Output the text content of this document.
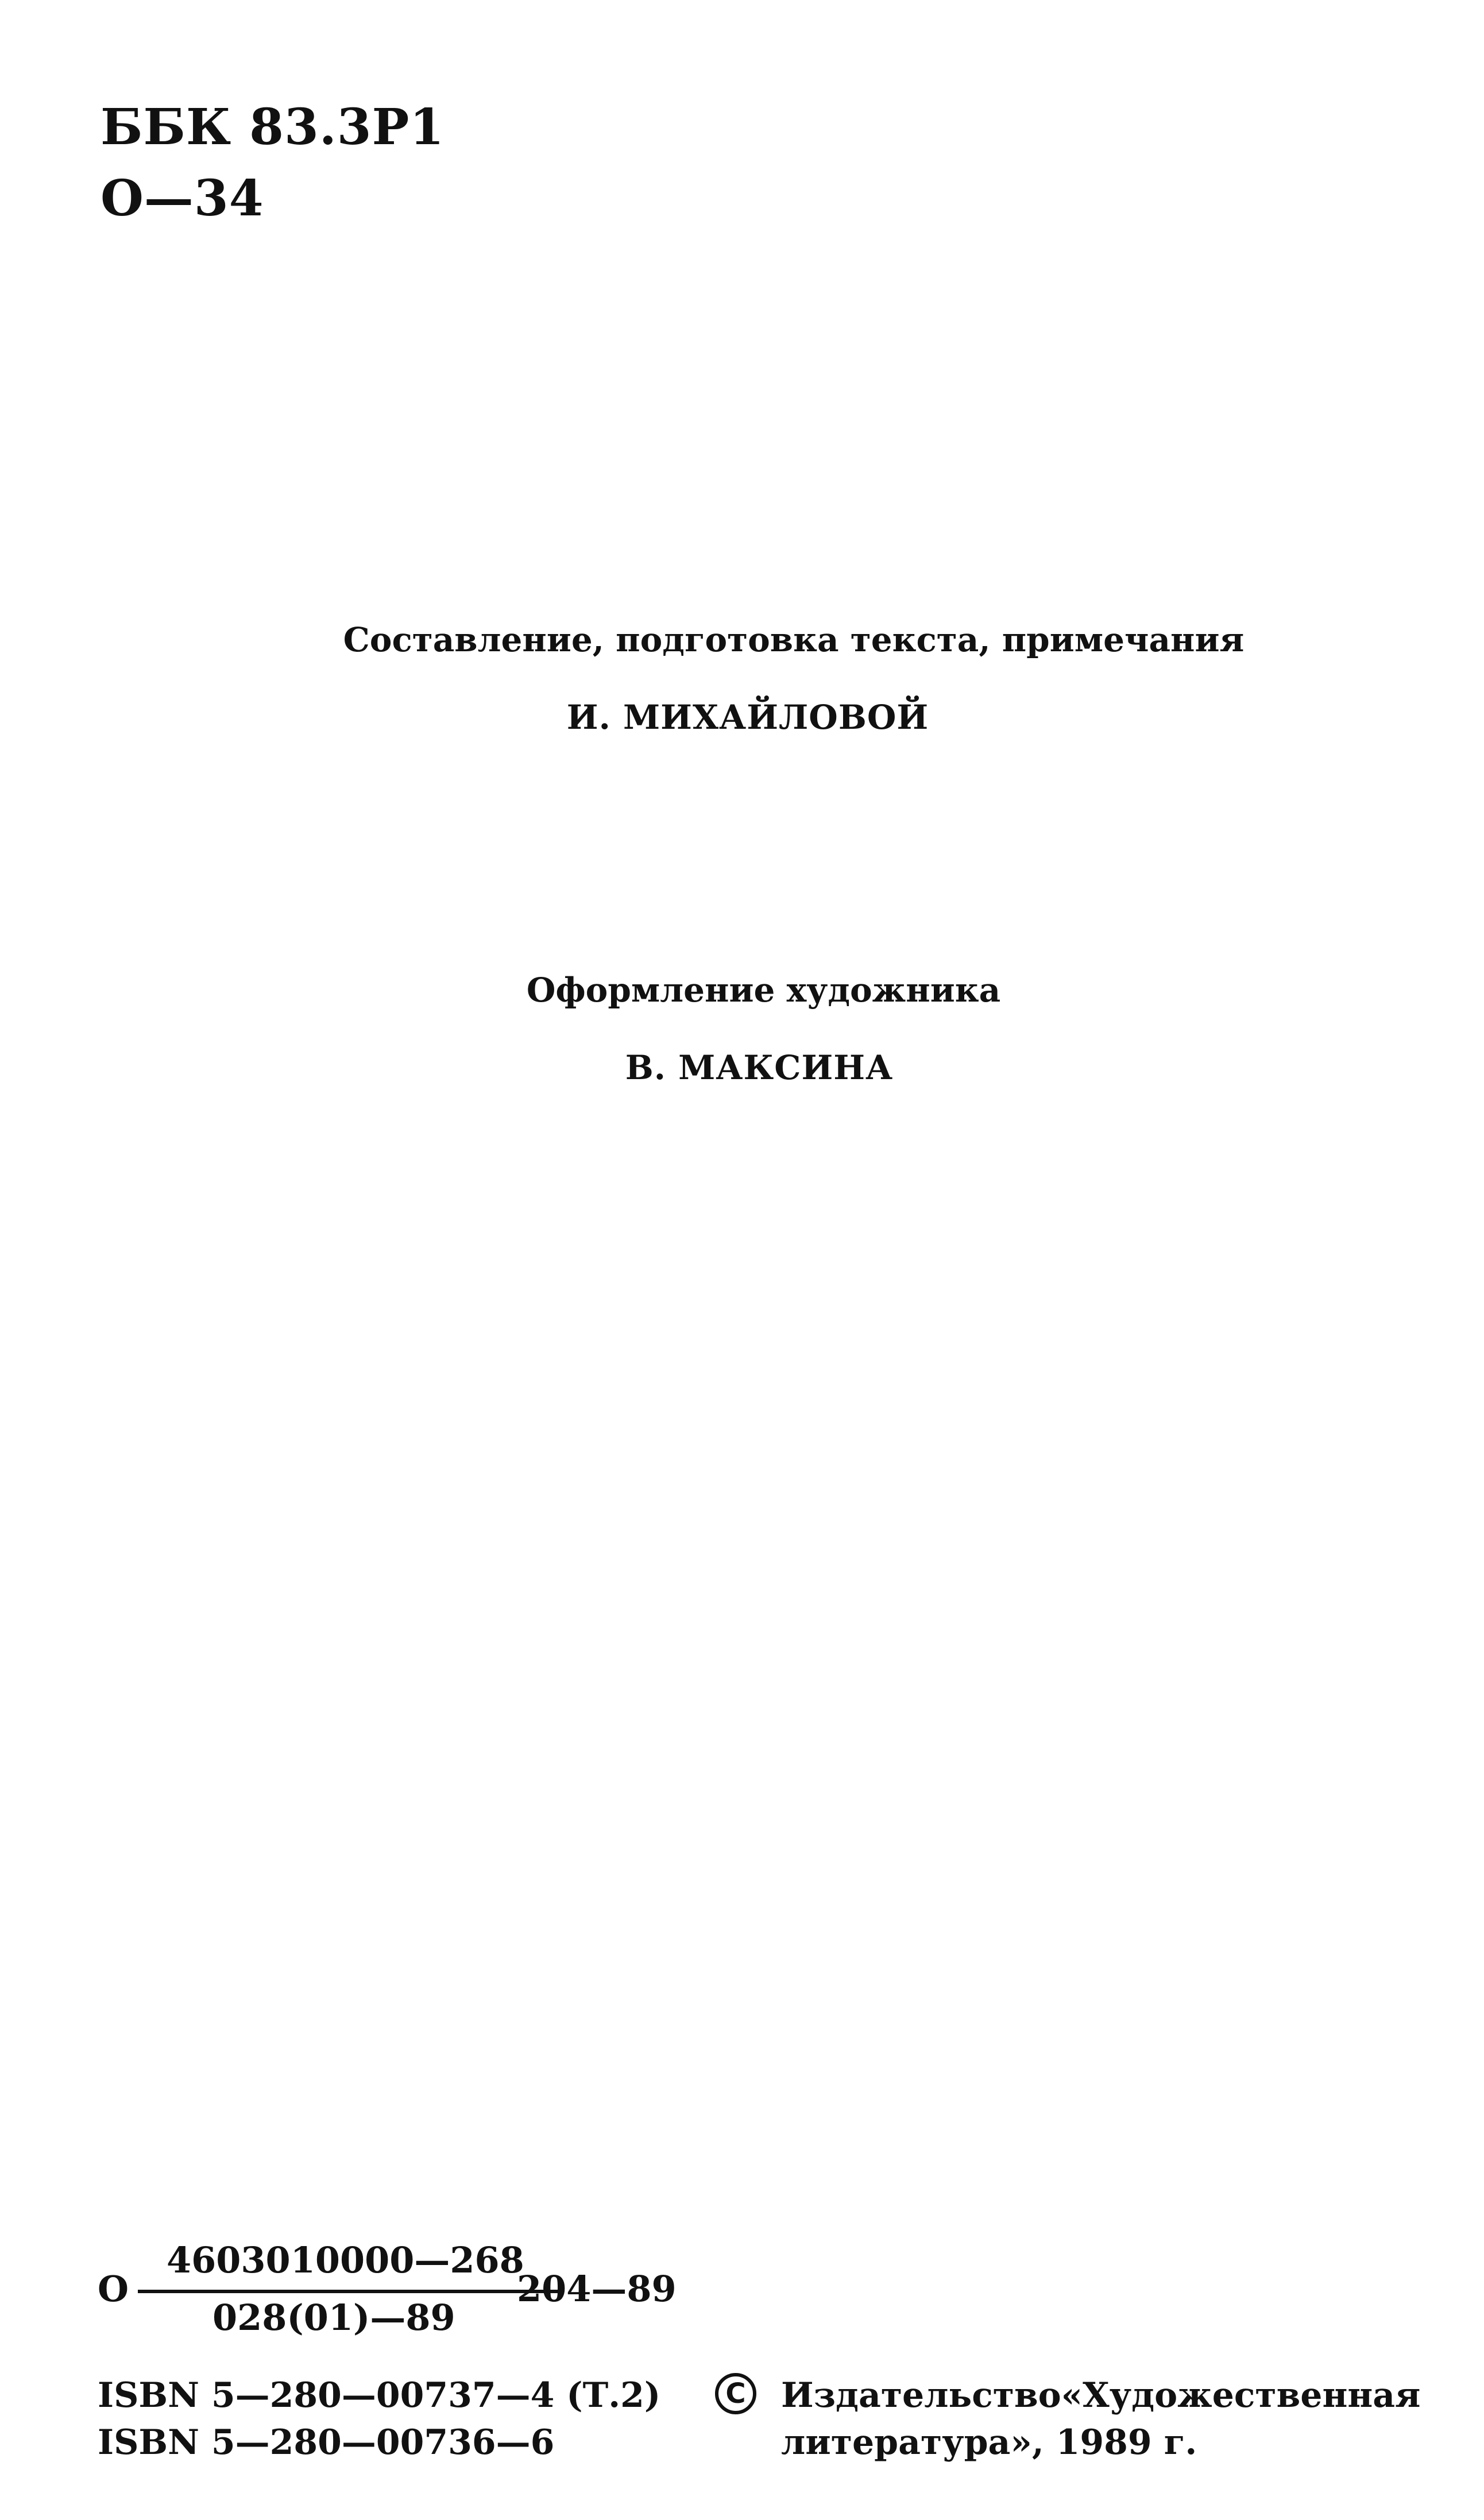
ББК 83.3Р1
О—34
Составление, подготовка текста, примечания
И. МИХАЙЛОВОЙ
Оформление художника
В. МАКСИНА
О
4603010000—268
028(01)—89
204—89
ISBN 5—280—00737—4 (Т.2)
ISBN 5—280—00736—6
C	Издательство «Художественная
литература», 1989 г.
